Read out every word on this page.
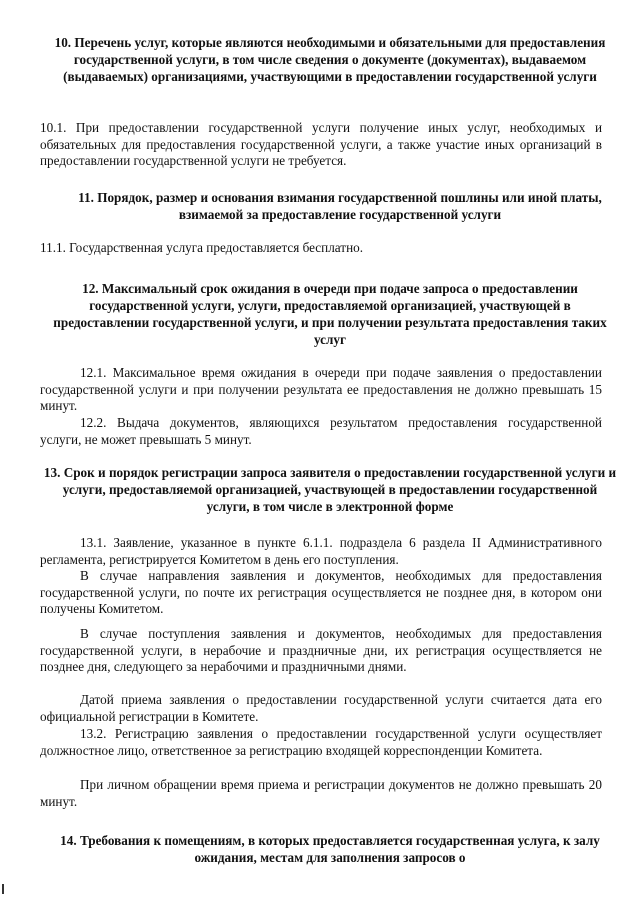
10. Перечень услуг, которые являются необходимыми и обязательными для предоставления государственной услуги, в том числе сведения о документе (документах), выдаваемом (выдаваемых) организациями, участвующими в предоставлении государственной услуги

10.1. При предоставлении государственной услуги получение иных услуг, необходимых и обязательных для предоставления государственной услуги, а также участие иных организаций в предоставлении государственной услуги не требуется.

11. Порядок, размер и основания взимания государственной пошлины или иной платы, взимаемой за предоставление государственной услуги

11.1. Государственная услуга предоставляется бесплатно.

12. Максимальный срок ожидания в очереди при подаче запроса о предоставлении государственной услуги, услуги, предоставляемой организацией, участвующей в предоставлении государственной услуги, и при получении результата предоставления таких услуг

12.1. Максимальное время ожидания в очереди при подаче заявления о предоставлении государственной услуги и при получении результата ее предоставления не должно превышать 15 минут.

12.2. Выдача документов, являющихся результатом предоставления государственной услуги, не может превышать 5 минут.

13. Срок и порядок регистрации запроса заявителя о предоставлении государственной услуги и услуги, предоставляемой организацией, участвующей в предоставлении государственной услуги, в том числе в электронной форме

13.1. Заявление, указанное в пункте 6.1.1. подраздела 6 раздела II Административного регламента, регистрируется Комитетом в день его поступления.

В случае направления заявления и документов, необходимых для предоставления государственной услуги, по почте их регистрация осуществляется не позднее дня, в котором они получены Комитетом.

В случае поступления заявления и документов, необходимых для предоставления государственной услуги, в нерабочие и праздничные дни, их регистрация осуществляется не позднее дня, следующего за нерабочими и праздничными днями.

Датой приема заявления о предоставлении государственной услуги считается дата его официальной регистрации в Комитете.

13.2. Регистрацию заявления о предоставлении государственной услуги осуществляет должностное лицо, ответственное за регистрацию входящей корреспонденции Комитета.

При личном обращении время приема и регистрации документов не должно превышать 20 минут.

14. Требования к помещениям, в которых предоставляется государственная услуга, к залу ожидания, местам для заполнения запросов о
